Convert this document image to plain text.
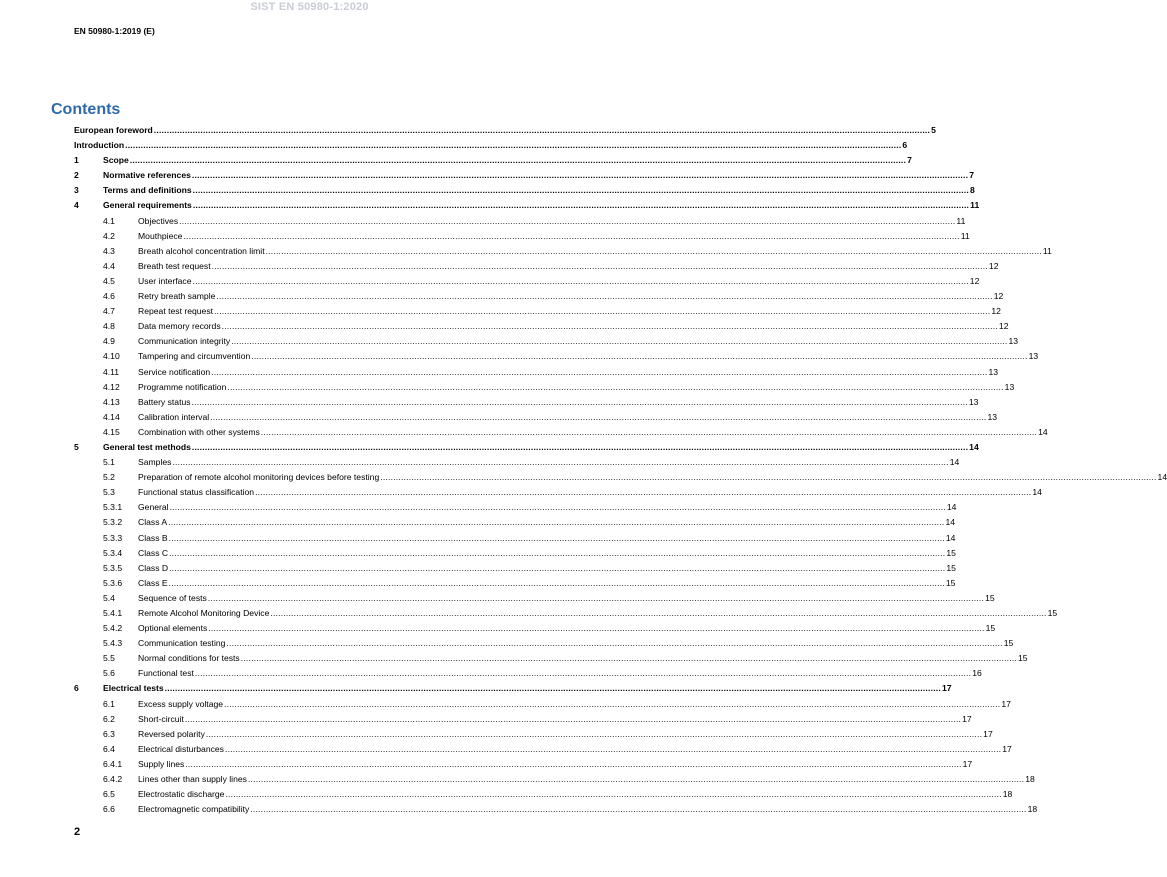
SIST EN 50980-1:2020
EN 50980-1:2019 (E)
Contents
European foreword ............................................................................................................................................................................................................................................................................................................ 5
Introduction ............................................................................................................................................................................................................................................................................................................ 6
1	Scope ............................................................................................................................................................................................................................................................................................................ 7
2	Normative references ............................................................................................................................................................................................................................................................................................................ 7
3	Terms and definitions ............................................................................................................................................................................................................................................................................................................ 8
4	General requirements ............................................................................................................................................................................................................................................................................................................ 11
4.1	Objectives ............................................................................................................................................................................................................................................................................................................ 11
4.2	Mouthpiece ............................................................................................................................................................................................................................................................................................................ 11
4.3	Breath alcohol concentration limit ............................................................................................................................................................................................................................................................................................................ 11
4.4	Breath test request ............................................................................................................................................................................................................................................................................................................ 12
4.5	User interface ............................................................................................................................................................................................................................................................................................................ 12
4.6	Retry breath sample ............................................................................................................................................................................................................................................................................................................ 12
4.7	Repeat test request ............................................................................................................................................................................................................................................................................................................ 12
4.8	Data memory records ............................................................................................................................................................................................................................................................................................................ 12
4.9	Communication integrity ............................................................................................................................................................................................................................................................................................................ 13
4.10 Tampering and circumvention ............................................................................................................................................................................................................................................................................................................ 13
4.11 Service notification ............................................................................................................................................................................................................................................................................................................ 13
4.12 Programme notification ............................................................................................................................................................................................................................................................................................................ 13
4.13 Battery status ............................................................................................................................................................................................................................................................................................................ 13
4.14 Calibration interval ............................................................................................................................................................................................................................................................................................................ 13
4.15 Combination with other systems ............................................................................................................................................................................................................................................................................................................ 14
5	General test methods ............................................................................................................................................................................................................................................................................................................ 14
5.1	Samples ............................................................................................................................................................................................................................................................................................................ 14
5.2	Preparation of remote alcohol monitoring devices before testing ............................................................................................................................................................................................................................................................................................................ 14
5.3	Functional status classification ............................................................................................................................................................................................................................................................................................................ 14
5.3.1 General ............................................................................................................................................................................................................................................................................................................ 14
5.3.2 Class A ............................................................................................................................................................................................................................................................................................................ 14
5.3.3 Class B ............................................................................................................................................................................................................................................................................................................ 14
5.3.4 Class C ............................................................................................................................................................................................................................................................................................................ 15
5.3.5 Class D ............................................................................................................................................................................................................................................................................................................ 15
5.3.6 Class E ............................................................................................................................................................................................................................................................................................................ 15
5.4	Sequence of tests ............................................................................................................................................................................................................................................................................................................ 15
5.4.1 Remote Alcohol Monitoring Device ............................................................................................................................................................................................................................................................................................................ 15
5.4.2 Optional elements ............................................................................................................................................................................................................................................................................................................ 15
5.4.3 Communication testing ............................................................................................................................................................................................................................................................................................................ 15
5.5	Normal conditions for tests ............................................................................................................................................................................................................................................................................................................ 15
5.6	Functional test ............................................................................................................................................................................................................................................................................................................ 16
6	Electrical tests ............................................................................................................................................................................................................................................................................................................ 17
6.1	Excess supply voltage ............................................................................................................................................................................................................................................................................................................ 17
6.2	Short-circuit ............................................................................................................................................................................................................................................................................................................ 17
6.3	Reversed polarity ............................................................................................................................................................................................................................................................................................................ 17
6.4	Electrical disturbances ............................................................................................................................................................................................................................................................................................................ 17
6.4.1 Supply lines ............................................................................................................................................................................................................................................................................................................ 17
6.4.2 Lines other than supply lines ............................................................................................................................................................................................................................................................................................................ 18
6.5	Electrostatic discharge ............................................................................................................................................................................................................................................................................................................ 18
6.6	Electromagnetic compatibility ............................................................................................................................................................................................................................................................................................................ 18
2
